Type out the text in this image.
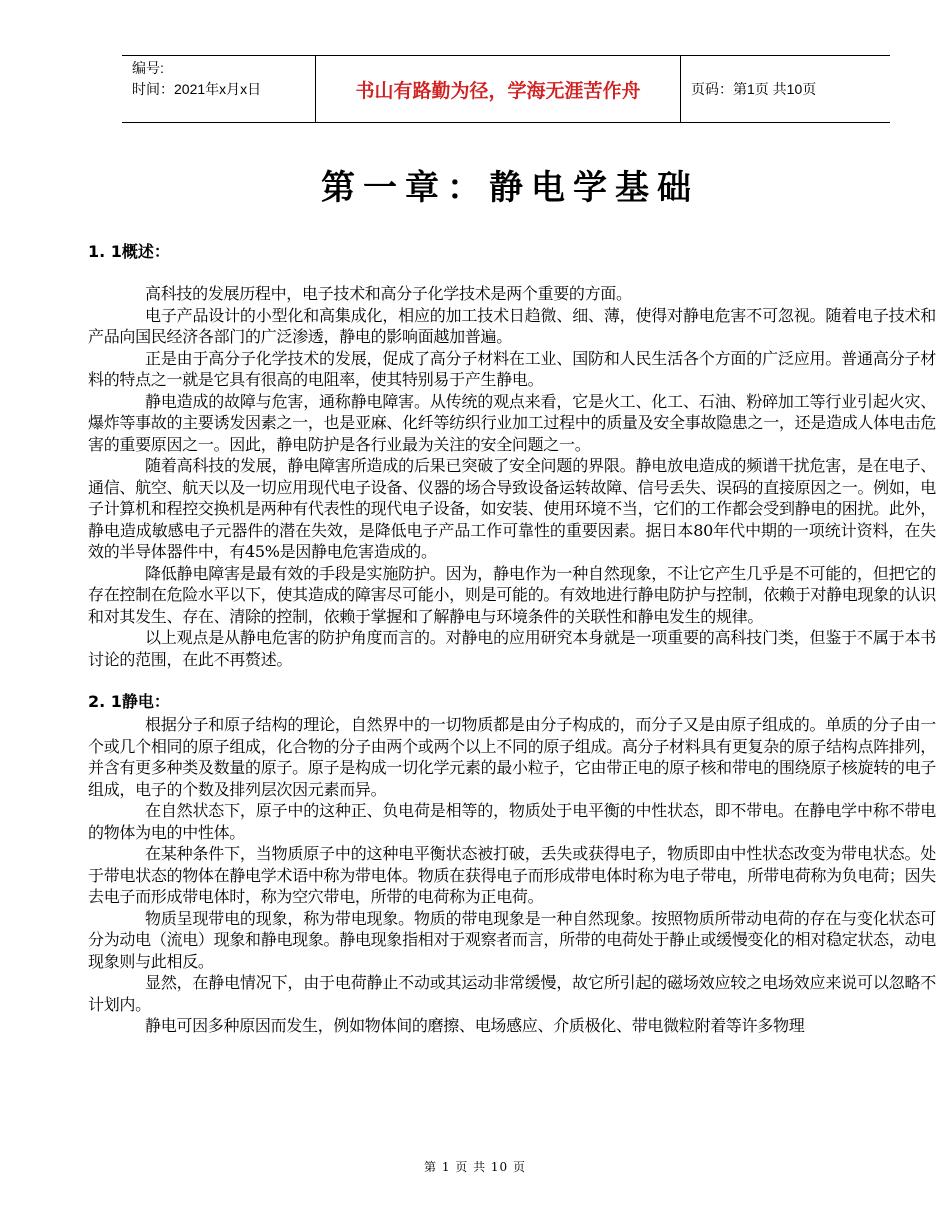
编号:
时间：2021年x月x日	书山有路勤为径，学海无涯苦作舟	页码：第1页 共10页
第一章：静电学基础

1. 1概述：

高科技的发展历程中，电子技术和高分子化学技术是两个重要的方面。

电子产品设计的小型化和高集成化，相应的加工技术日趋微、细、薄，使得对静电危害不可忽视。随着电子技术和产品向国民经济各部门的广泛渗透，静电的影响面越加普遍。

正是由于高分子化学技术的发展，促成了高分子材料在工业、国防和人民生活各个方面的广泛应用。普通高分子材料的特点之一就是它具有很高的电阻率，使其特别易于产生静电。

静电造成的故障与危害，通称静电障害。从传统的观点来看，它是火工、化工、石油、粉碎加工等行业引起火灾、爆炸等事故的主要诱发因素之一，也是亚麻、化纤等纺织行业加工过程中的质量及安全事故隐患之一，还是造成人体电击危害的重要原因之一。因此，静电防护是各行业最为关注的安全问题之一。

随着高科技的发展，静电障害所造成的后果已突破了安全问题的界限。静电放电造成的频谱干扰危害，是在电子、通信、航空、航天以及一切应用现代电子设备、仪器的场合导致设备运转故障、信号丢失、误码的直接原因之一。例如，电子计算机和程控交换机是两种有代表性的现代电子设备，如安装、使用环境不当，它们的工作都会受到静电的困扰。此外，静电造成敏感电子元器件的潜在失效，是降低电子产品工作可靠性的重要因素。据日本80年代中期的一项统计资料，在失效的半导体器件中，有45%是因静电危害造成的。

降低静电障害是最有效的手段是实施防护。因为，静电作为一种自然现象，不让它产生几乎是不可能的，但把它的存在控制在危险水平以下，使其造成的障害尽可能小，则是可能的。有效地进行静电防护与控制，依赖于对静电现象的认识和对其发生、存在、清除的控制，依赖于掌握和了解静电与环境条件的关联性和静电发生的规律。

以上观点是从静电危害的防护角度而言的。对静电的应用研究本身就是一项重要的高科技门类，但鉴于不属于本书讨论的范围，在此不再赘述。

2. 1静电：

根据分子和原子结构的理论，自然界中的一切物质都是由分子构成的，而分子又是由原子组成的。单质的分子由一个或几个相同的原子组成，化合物的分子由两个或两个以上不同的原子组成。高分子材料具有更复杂的原子结构点阵排列，并含有更多种类及数量的原子。原子是构成一切化学元素的最小粒子，它由带正电的原子核和带电的围绕原子核旋转的电子组成，电子的个数及排列层次因元素而异。

在自然状态下，原子中的这种正、负电荷是相等的，物质处于电平衡的中性状态，即不带电。在静电学中称不带电的物体为电的中性体。

在某种条件下，当物质原子中的这种电平衡状态被打破，丢失或获得电子，物质即由中性状态改变为带电状态。处于带电状态的物体在静电学术语中称为带电体。物质在获得电子而形成带电体时称为电子带电，所带电荷称为负电荷；因失去电子而形成带电体时，称为空穴带电，所带的电荷称为正电荷。

物质呈现带电的现象，称为带电现象。物质的带电现象是一种自然现象。按照物质所带动电荷的存在与变化状态可分为动电（流电）现象和静电现象。静电现象指相对于观察者而言，所带的电荷处于静止或缓慢变化的相对稳定状态，动电现象则与此相反。

显然，在静电情况下，由于电荷静止不动或其运动非常缓慢，故它所引起的磁场效应较之电场效应来说可以忽略不计划内。

静电可因多种原因而发生，例如物体间的磨擦、电场感应、介质极化、带电微粒附着等许多物理

第 1 页 共 10 页
